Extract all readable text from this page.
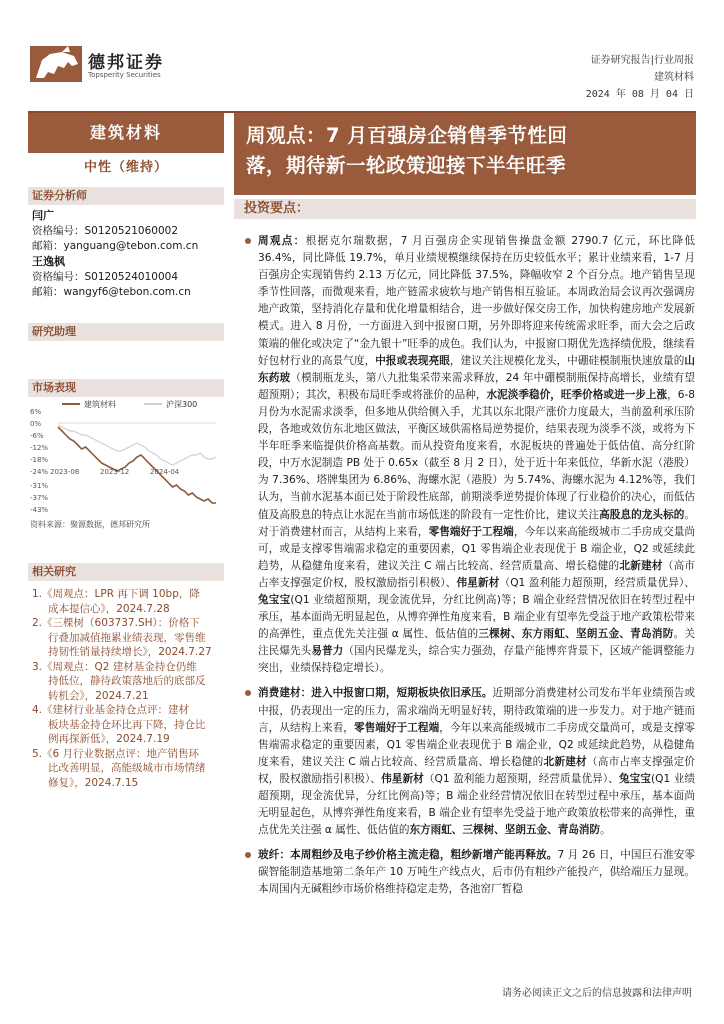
德邦证券
Topsperity Securities
证券研究报告|行业周报
建筑材料
2024 年 08 月 04 日
建筑材料
中性（维持）
证券分析师
闫广
资格编号：S0120521060002
邮箱：yanguang@tebon.com.cn
王逸枫
资格编号：S0120524010004
邮箱：wangyf6@tebon.com.cn
研究助理
市场表现
-6%
0%
6%
-12%
-18%
-24%
-31%
-37%
-43%
2023-08	2023-12	2024-04
建筑材料	沪深300
资料来源：聚源数据，德邦研究所
相关研究
1.《周观点：LPR 再下调 10bp，降
成本提信心》，2024.7.28
2.《三棵树（603737.SH）：价格下
行叠加减值拖累业绩表现，零售维
持韧性销量持续增长》，2024.7.27
3.《周观点：Q2 建材基金持仓仍维
持低位，静待政策落地后的底部反
转机会》，2024.7.21
4.《建材行业基金持仓点评：建材
板块基金持仓环比再下降，持仓比
例再探新低》，2024.7.19
5.《6 月行业数据点评：地产销售环
比改善明显，高能级城市市场情绪
修复》，2024.7.15
周观点：7 月百强房企销售季节性回
落，期待新一轮政策迎接下半年旺季
投资要点：

周观点：根据克尔瑞数据，7 月百强房企实现销售操盘金额 2790.7 亿元，环比降低 36.4%，同比降低 19.7%，单月业绩规模继续保持在历史较低水平；累计业绩来看，1-7 月百强房企实现销售约 2.13 万亿元，同比降低 37.5%，降幅收窄 2 个百分点。地产销售呈现季节性回落，而微观来看，地产链需求疲软与地产销售相互验证。本周政治局会议再次强调房地产政策，坚持消化存量和优化增量相结合，进一步做好保交房工作，加快构建房地产发展新模式。进入 8 月份，一方面进入到中报窗口期，另外即将迎来传统需求旺季，而大会之后政策端的催化或决定了“金九银十”旺季的成色。我们认为，中报窗口期优先选择绩优股，继续看好包材行业的高景气度，中报或表现亮眼，建议关注规模化龙头，中硼硅模制瓶快速放量的山东药玻（模制瓶龙头，第八九批集采带来需求释放，24 年中硼模制瓶保持高增长，业绩有望超预期）；其次，积极布局旺季或将涨价的品种，水泥淡季稳价，旺季价格或进一步上涨，6-8 月份为水泥需求淡季，但多地从供给侧入手，尤其以东北限产涨价力度最大，当前盈利承压阶段，各地或效仿东北地区做法，平衡区域供需格局逆势提价，结果表现为淡季不淡，或将为下半年旺季来临提供价格高基数。而从投资角度来看，水泥板块的普遍处于低估值、高分红阶段，中万水泥制造 PB 处于 0.65x（截至 8 月 2 日），处于近十年来低位，华新水泥（港股）为 7.36%、塔牌集团为 6.86%、海螺水泥（港股）为 5.74%、海螺水泥为 4.12%等，我们认为，当前水泥基本面已处于阶段性底部，前期淡季逆势提价体现了行业稳价的决心，而低估值及高股息的特点让水泥在当前市场低迷的阶段有一定性价比，建议关注高股息的龙头标的。对于消费建材而言，从结构上来看，零售端好于工程端，今年以来高能级城市二手房成交量尚可，或是支撑零售端需求稳定的重要因素，Q1 零售端企业表现优于 B 端企业，Q2 或延续此趋势，从稳健角度来看，建议关注 C 端占比较高、经营质量高、增长稳健的北新建材（高市占率支撑强定价权，股权激励指引积极）、伟星新材（Q1 盈利能力超预期，经营质量优异）、兔宝宝(Q1 业绩超预期，现金流优异，分红比例高)等；B 端企业经营情况依旧在转型过程中承压，基本面尚无明显起色，从博弈弹性角度来看，B 端企业有望率先受益于地产政策松带来的高弹性，重点优先关注强 α 属性、低估值的三棵树、东方雨虹、坚朗五金、青岛消防。关注民爆先头易普力（国内民爆龙头，综合实力强劲，存量产能博弈背景下，区域产能调整能力突出，业绩保持稳定增长）。

消费建材：进入中报窗口期，短期板块依旧承压。近期部分消费建材公司发布半年业绩预告或中报，仍表现出一定的压力，需求端尚无明显好转，期待政策端的进一步发力。对于地产链而言，从结构上来看，零售端好于工程端，今年以来高能级城市二手房成交量尚可，或是支撑零售端需求稳定的重要因素，Q1 零售端企业表现优于 B 端企业，Q2 或延续此趋势，从稳健角度来看，建议关注 C 端占比较高、经营质量高、增长稳健的北新建材（高市占率支撑强定价权，股权激励指引积极）、伟星新材（Q1 盈利能力超预期，经营质量优异）、兔宝宝(Q1 业绩超预期，现金流优异，分红比例高)等；B 端企业经营情况依旧在转型过程中承压，基本面尚无明显起色，从博弈弹性角度来看，B 端企业有望率先受益于地产政策放松带来的高弹性，重点优先关注强 α 属性、低估值的东方雨虹、三棵树、坚朗五金、青岛消防。

玻纤：本周粗纱及电子纱价格主流走稳，粗纱新增产能再释放。7 月 26 日，中国巨石淮安零碳智能制造基地第二条年产 10 万吨生产线点火，后市仍有粗纱产能投产，供给端压力显现。本周国内无碱粗纱市场价格维持稳定走势，各池窑厂暂稳

请务必阅读正文之后的信息披露和法律声明
